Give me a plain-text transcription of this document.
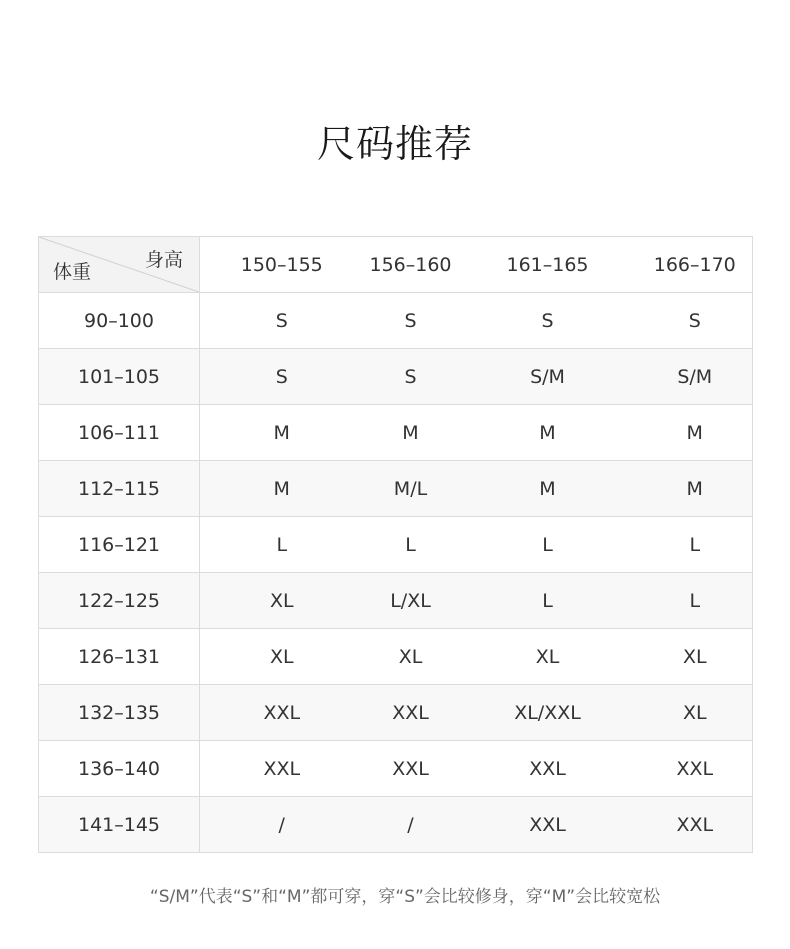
尺码推荐
身高
体重	150–155	156–160	161–165	166–170
90–100	S	S	S	S
101–105	S	S	S/M	S/M
106–111	M	M	M	M
112–115	M	M/L	M	M
116–121	L	L	L	L
122–125	XL	L/XL	L	L
126–131	XL	XL	XL	XL
132–135	XXL	XXL	XL/XXL	XL
136–140	XXL	XXL	XXL	XXL
141–145	/	/	XXL	XXL
“S/M”代表“S”和“M”都可穿，穿“S”会比较修身，穿“M”会比较宽松
